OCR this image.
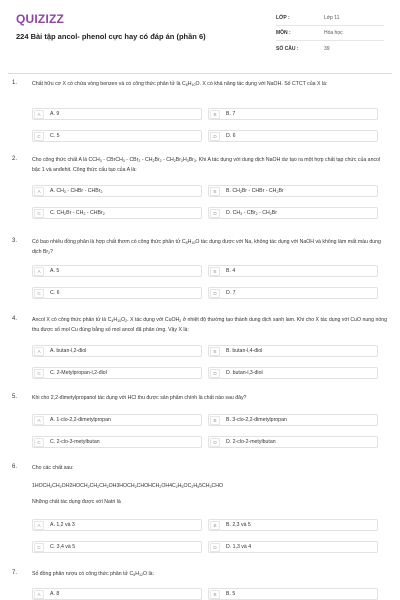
QUIZIZZ
224 Bài tập ancol- phenol cực hay có đáp án (phần 6)
LỚP :	Lớp 11
MÔN :	Hóa học
SỐ CÂU :	39
1.	Chất hữu cơ X có chứa vòng benzen và có công thức phân tử là $C_8H_{10}O$. X có khả năng tác dụng với NaOH. Số CTCT của X là:
A	A. 9	B	B. 7
C	C. 5	D	D. 6
2.	Cho công thức chất A là $CCH_3$ - CBrCH$_3$ - $CBr_2 - CH_2Br_2 - CH_2Br_2H_3Br_3$. Khi A tác dụng với dung dịch NaOH dư tạo ra một hợp chất tạp chức của ancol bậc 1 và anđehit. Công thức cấu tạo của A là:
A	A. $CH_3$ - CHBr - CHBr$_2$	B	B. $CH_2Br$ - CHBr - $CH_2Br$
C	C. $CH_2Br - CH_2$ - CHBr$_2$	D	D. $CH_3 - CBr_2 - CH_2Br$
3.	Có bao nhiêu đồng phân là hợp chất thơm có công thức phân tử $C_8H_{10}O$ tác dụng được với Na, không tác dụng với NaOH và không làm mất màu dung dịch $Br_2$?
A	A. 5	B	B. 4
C	C. 6	D	D. 7
4.	Ancol X có công thức phân tử là $C_4H_{10}O_2$. X tác dụng với CuOH$_2$ ở nhiệt độ thường tạo thành dung dịch xanh lam. Khi cho X tác dụng với CuO nung nóng thu được số mol Cu đúng bằng số mol ancol đã phản ứng. Vậy X là:
A	A. butan-l,2-điol	B	B. butan-l,4-điol
C	C. 2-Metylpropan-l,2-điol	D	D. butan-l,3-điol
5.	Khi cho 2,2-đimetylpropanol tác dụng với HCl thu được sản phẩm chính là chất nào sau đây?
A	A. 1-clo-2,2-đimetylpropan	B	B. 3-clo-2,2-đimetylpropan
C	C. 2-clo-3-metylbutan	D	D. 2-clo-2-metylbutan
6.	Cho các chất sau:
$1HOCH_2CH_2OH2HOCH_2CH_2CH_2OH3HOCH_2CHOHCH_2OH4C_2H_5OC_2H_55CH_3CHO$
Những chất tác dụng được với Natri là
A	A. 1,2 và 3	B	B. 2,3 và 5
C	C. 3,4 và 5	D	D. 1,3 và 4
7.	Số đồng phân rượu có công thức phân tử $C_5H_{12}O$ là:
A	A. 8	B	B. 5
